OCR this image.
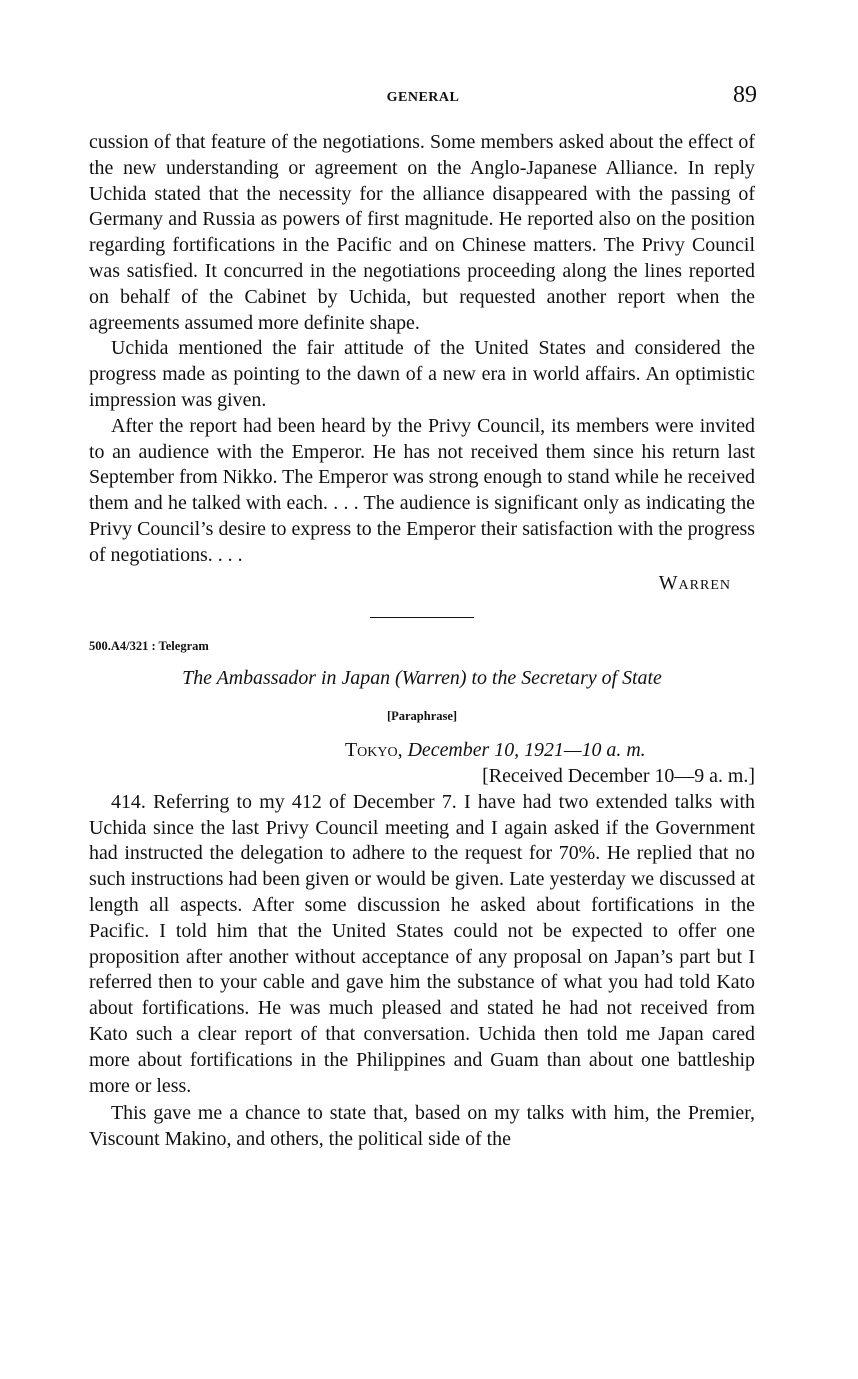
GENERAL	89

cussion of that feature of the negotiations. Some members asked about the effect of the new understanding or agreement on the Anglo-Japanese Alliance. In reply Uchida stated that the necessity for the alliance disappeared with the passing of Germany and Russia as powers of first magnitude. He reported also on the position regarding fortifications in the Pacific and on Chinese matters. The Privy Council was satisfied. It concurred in the negotiations proceeding along the lines reported on behalf of the Cabinet by Uchida, but requested another report when the agreements assumed more definite shape.

Uchida mentioned the fair attitude of the United States and considered the progress made as pointing to the dawn of a new era in world affairs. An optimistic impression was given.

After the report had been heard by the Privy Council, its members were invited to an audience with the Emperor. He has not received them since his return last September from Nikko. The Emperor was strong enough to stand while he received them and he talked with each. . . . The audience is significant only as indicating the Privy Council’s desire to express to the Emperor their satisfaction with the progress of negotiations. . . .

Warren
500.A4/321 : Telegram
The Ambassador in Japan (Warren) to the Secretary of State
[Paraphrase]
Tokyo, December 10, 1921—10 a. m.
[Received December 10—9 a. m.]

414. Referring to my 412 of December 7. I have had two extended talks with Uchida since the last Privy Council meeting and I again asked if the Government had instructed the delegation to adhere to the request for 70%. He replied that no such instructions had been given or would be given. Late yesterday we discussed at length all aspects. After some discussion he asked about fortifications in the Pacific. I told him that the United States could not be expected to offer one proposition after another without acceptance of any proposal on Japan’s part but I referred then to your cable and gave him the substance of what you had told Kato about fortifications. He was much pleased and stated he had not received from Kato such a clear report of that conversation. Uchida then told me Japan cared more about fortifications in the Philippines and Guam than about one battleship more or less.

This gave me a chance to state that, based on my talks with him, the Premier, Viscount Makino, and others, the political side of the
